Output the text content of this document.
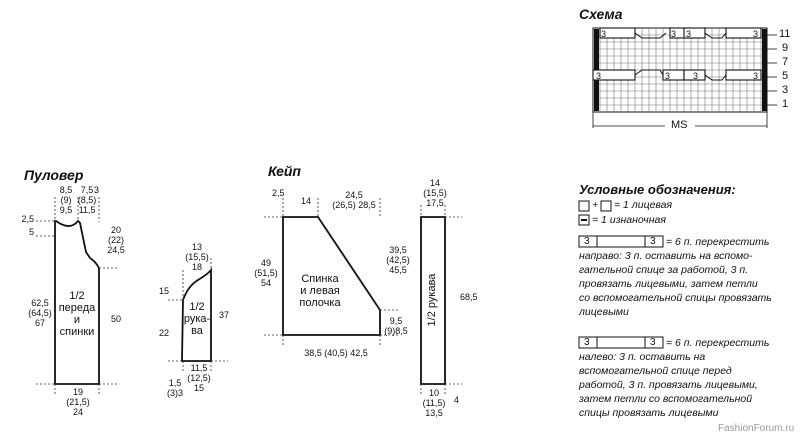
Пуловер	Кейп
Схема
1/2
переда
и
спинки
1/2
рука-
ва
8,5
(9)
9,5
7,5
(8,5)
11,5
3
2,5
5	20
(22)
24,5
62,5
(64,5)
67	50
19
(21,5)
24
13
(15,5)
18
15
22
37
11,5
(12,5)
15
1,5
(3)3
Спинка
и левая
полочка	1/2 рукава
2,5
14
24,5
(26,5) 28,5
49
(51,5)
54
39,5
(42,5)
45,5
9,5
(9)8,5
38,5 (40,5) 42,5
14
(15,5)
17,5
68,5
10
(11,5)
13,5
4
3	3 3	3
3	3	3	3
11
9
7
5
3
1
MS
Условные обозначения:
+ = 1 лицевая
= 1 изнаночная
3	3 = 6 п. перекрестить
3	3 = 6 п. перекрестить
FashionForum.ru
направо: 3 п. оставить на вспомо-
гательной спице за работой, 3 п.
провязать лицевыми, затем петли
со вспомогательной спицы провязать
лицевыми
налево: 3 п. оставить на
вспомогательной спице перед
работой, 3 п. провязать лицевыми,
затем петли со вспомогательной
спицы провязать лицевыми
